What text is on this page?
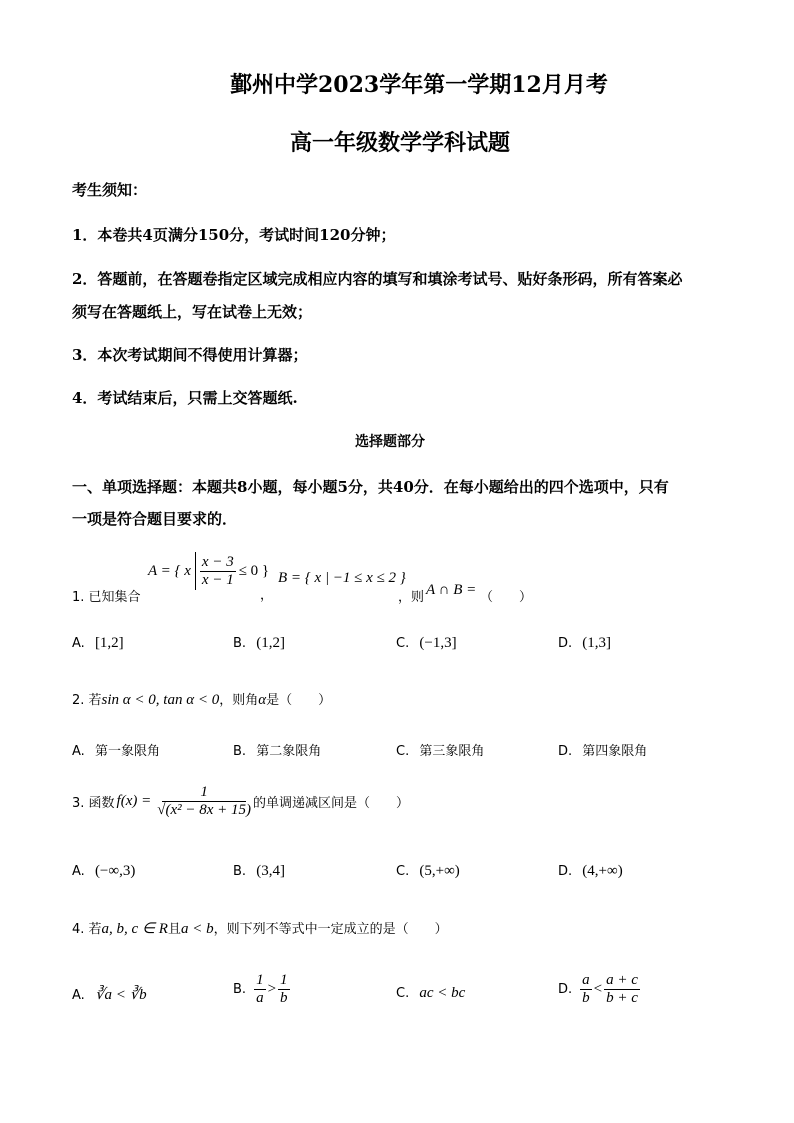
鄞州中学2023学年第一学期12月月考
高一年级数学学科试题
考生须知：
1．本卷共4页满分150分，考试时间120分钟；
2．答题前，在答题卷指定区域完成相应内容的填写和填涂考试号、贴好条形码，所有答案必
须写在答题纸上，写在试卷上无效；
3．本次考试期间不得使用计算器；
4．考试结束后，只需上交答题纸.
选择题部分
一、单项选择题：本题共8小题，每小题5分，共40分．在每小题给出的四个选项中，只有
一项是符合题目要求的．
1. 已知集合
A = { x $\frac{x - 3}{x - 1} \le 0$ }
，
B = { x | −1 ≤ x ≤ 2 }
，则 A ∩ B = （　　）
A. [1,2]	B. (1,2]	C. (−1,3]	D. (1,3]
2. 若sin α < 0, tan α < 0，则角α是（　　）
A. 第一象限角	B. 第二象限角	C. 第三象限角	D. 第四象限角
3. 函数 $f(x) = \frac{1}{\text{√(x² − 8x + 15)}}$ 的单调递减区间是（　　）
A. (−∞,3)	B. (3,4]	C. (5,+∞)	D. (4,+∞)
4. 若a, b, c ∈ R且a < b，则下列不等式中一定成立的是（　　）
A. ∛a < ∛b	B. $\frac{1}{a} > \frac{1}{b}$	C. ac < bc	D. $\frac{a}{b} < \frac{a + c}{b + c}$
